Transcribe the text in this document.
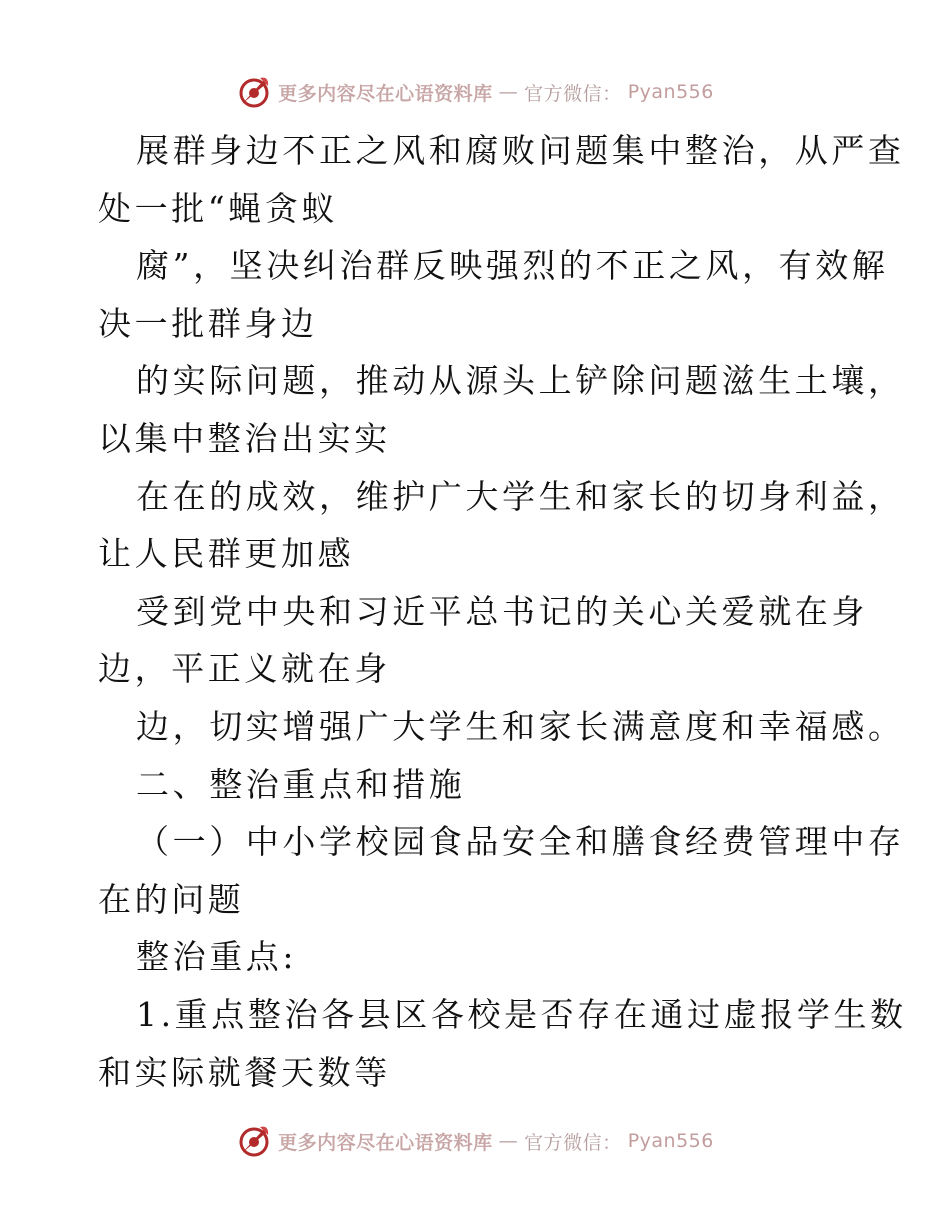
更多内容尽在心语资料库 — 官方微信： Pyan556
展群身边不正之风和腐败问题集中整治，从严查
处一批“蝇贪蚁
腐”，坚决纠治群反映强烈的不正之风，有效解
决一批群身边
的实际问题，推动从源头上铲除问题滋生土壤，
以集中整治出实实
在在的成效，维护广大学生和家长的切身利益，
让人民群更加感
受到党中央和习近平总书记的关心关爱就在身
边，平正义就在身
边，切实增强广大学生和家长满意度和幸福感。
二、整治重点和措施
（一）中小学校园食品安全和膳食经费管理中存
在的问题
整治重点:
1.重点整治各县区各校是否存在通过虚报学生数
和实际就餐天数等
更多内容尽在心语资料库 — 官方微信： Pyan556
